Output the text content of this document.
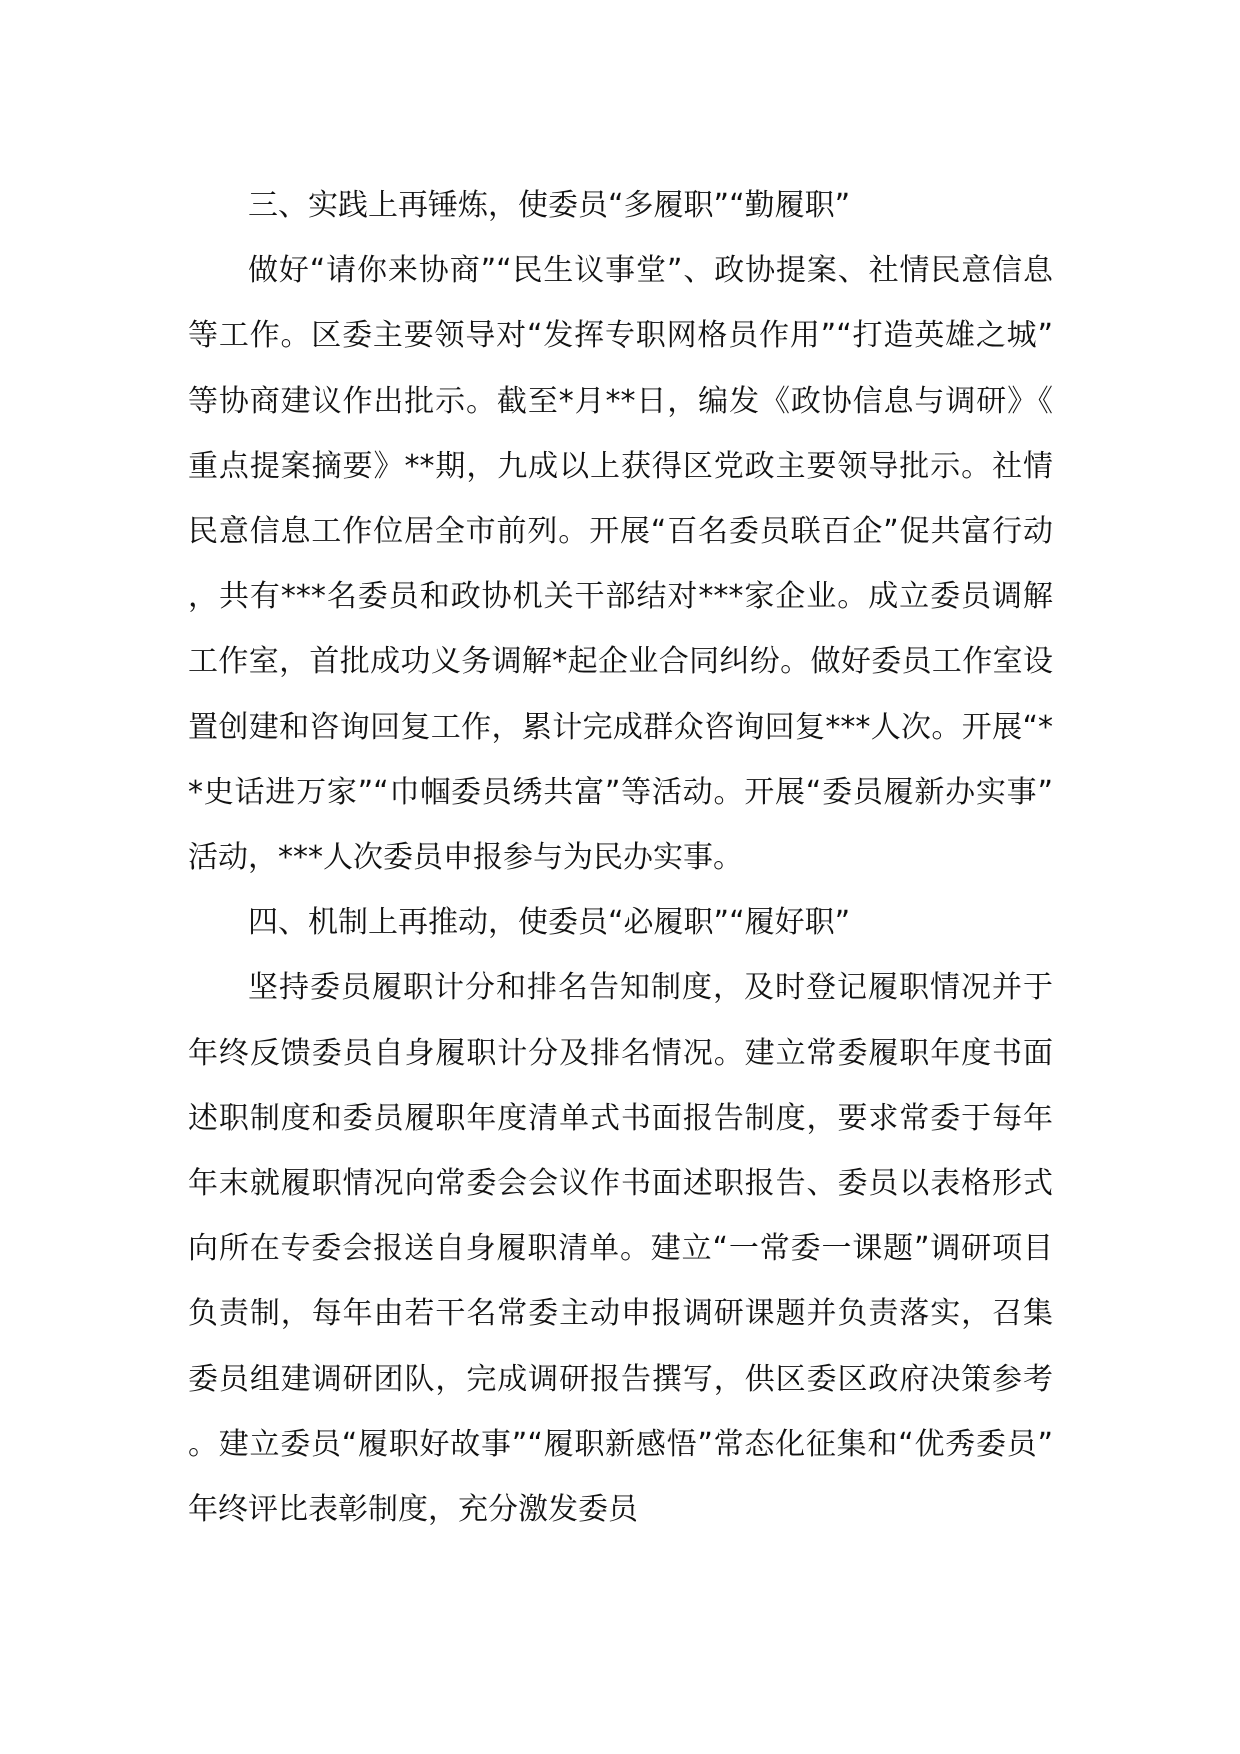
三、实践上再锤炼，使委员“多履职”“勤履职”

做好“请你来协商”“民生议事堂”、政协提案、社情民意信息等工作。区委主要领导对“发挥专职网格员作用”“打造英雄之城”等协商建议作出批示。截至*月**日，编发《政协信息与调研》《重点提案摘要》**期，九成以上获得区党政主要领导批示。社情民意信息工作位居全市前列。开展“百名委员联百企”促共富行动，共有***名委员和政协机关干部结对***家企业。成立委员调解工作室，首批成功义务调解*起企业合同纠纷。做好委员工作室设置创建和咨询回复工作，累计完成群众咨询回复***人次。开展“**史话进万家”“巾帼委员绣共富”等活动。开展“委员履新办实事”活动，***人次委员申报参与为民办实事。

四、机制上再推动，使委员“必履职”“履好职”

坚持委员履职计分和排名告知制度，及时登记履职情况并于年终反馈委员自身履职计分及排名情况。建立常委履职年度书面述职制度和委员履职年度清单式书面报告制度，要求常委于每年年末就履职情况向常委会会议作书面述职报告、委员以表格形式向所在专委会报送自身履职清单。建立“一常委一课题”调研项目负责制，每年由若干名常委主动申报调研课题并负责落实，召集委员组建调研团队，完成调研报告撰写，供区委区政府决策参考。建立委员“履职好故事”“履职新感悟”常态化征集和“优秀委员”年终评比表彰制度，充分激发委员
